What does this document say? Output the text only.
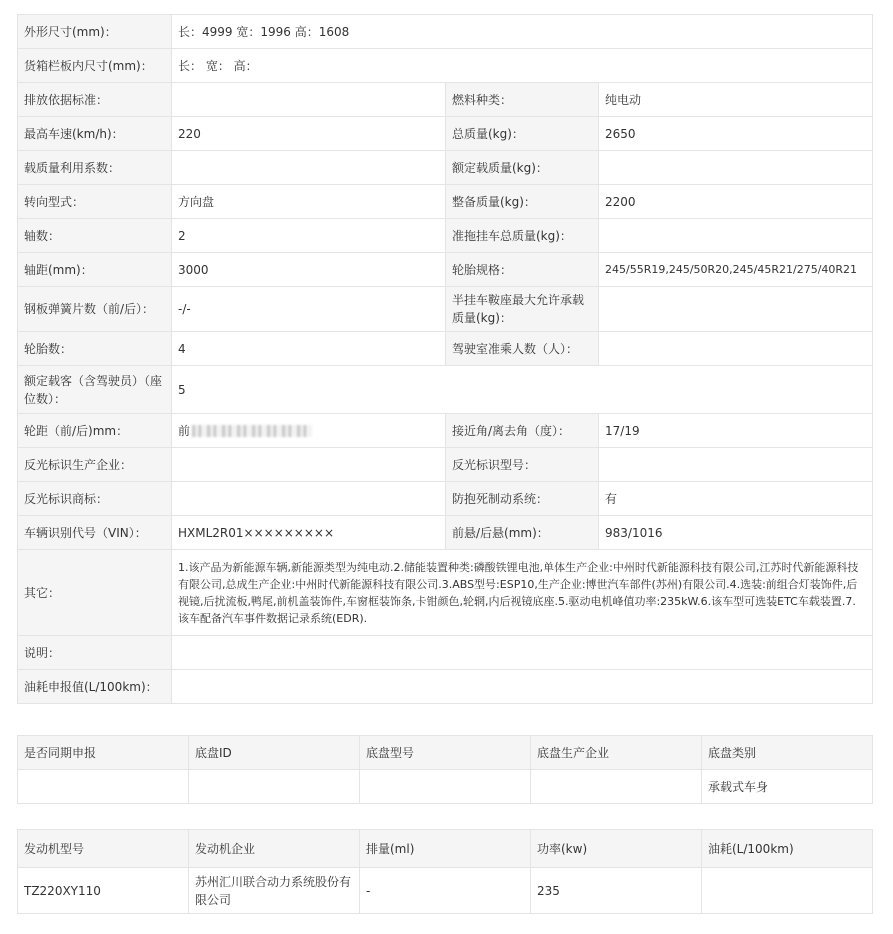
外形尺寸(mm)：	长：4999 宽：1996 高：1608		
货箱栏板内尺寸(mm)：	长： 宽： 高：		
排放依据标准：		燃料种类：	纯电动
最高车速(km/h)：	220	总质量(kg)：	2650
载质量利用系数：		额定载质量(kg)：	
转向型式：	方向盘	整备质量(kg)：	2200
轴数：	2	准拖挂车总质量(kg)：	
轴距(mm)：	3000	轮胎规格：	245/55R19,245/50R20,245/45R21/275/40R21
钢板弹簧片数（前/后）：	-/-	半挂车鞍座最大允许承载质量(kg)：	
轮胎数：	4	驾驶室准乘人数（人）：	
额定载客（含驾驶员）（座位数）：	5		
轮距（前/后)mm：	前	接近角/离去角（度）：	17/19
反光标识生产企业：		反光标识型号：	
反光标识商标：		防抱死制动系统：	有
车辆识别代号（VIN）：	HXML2R01×××××××××	前悬/后悬(mm)：	983/1016
其它：	1.该产品为新能源车辆,新能源类型为纯电动.2.储能装置种类:磷酸铁锂电池,单体生产企业:中州时代新能源科技有限公司,江苏时代新能源科技有限公司,总成生产企业:中州时代新能源科技有限公司.3.ABS型号:ESP10,生产企业:博世汽车部件(苏州)有限公司.4.选装:前组合灯装饰件,后视镜,后扰流板,鸭尾,前机盖装饰件,车窗框装饰条,卡钳颜色,轮辋,内后视镜底座.5.驱动电机峰值功率:235kW.6.该车型可选装ETC车载装置.7.该车配备汽车事件数据记录系统(EDR).		
说明：			
油耗申报值(L/100km)：			
是否同期申报	底盘ID	底盘型号	底盘生产企业	底盘类别
				承载式车身
发动机型号	发动机企业	排量(ml)	功率(kw)	油耗(L/100km)
TZ220XY110	苏州汇川联合动力系统股份有限公司	-	235	
